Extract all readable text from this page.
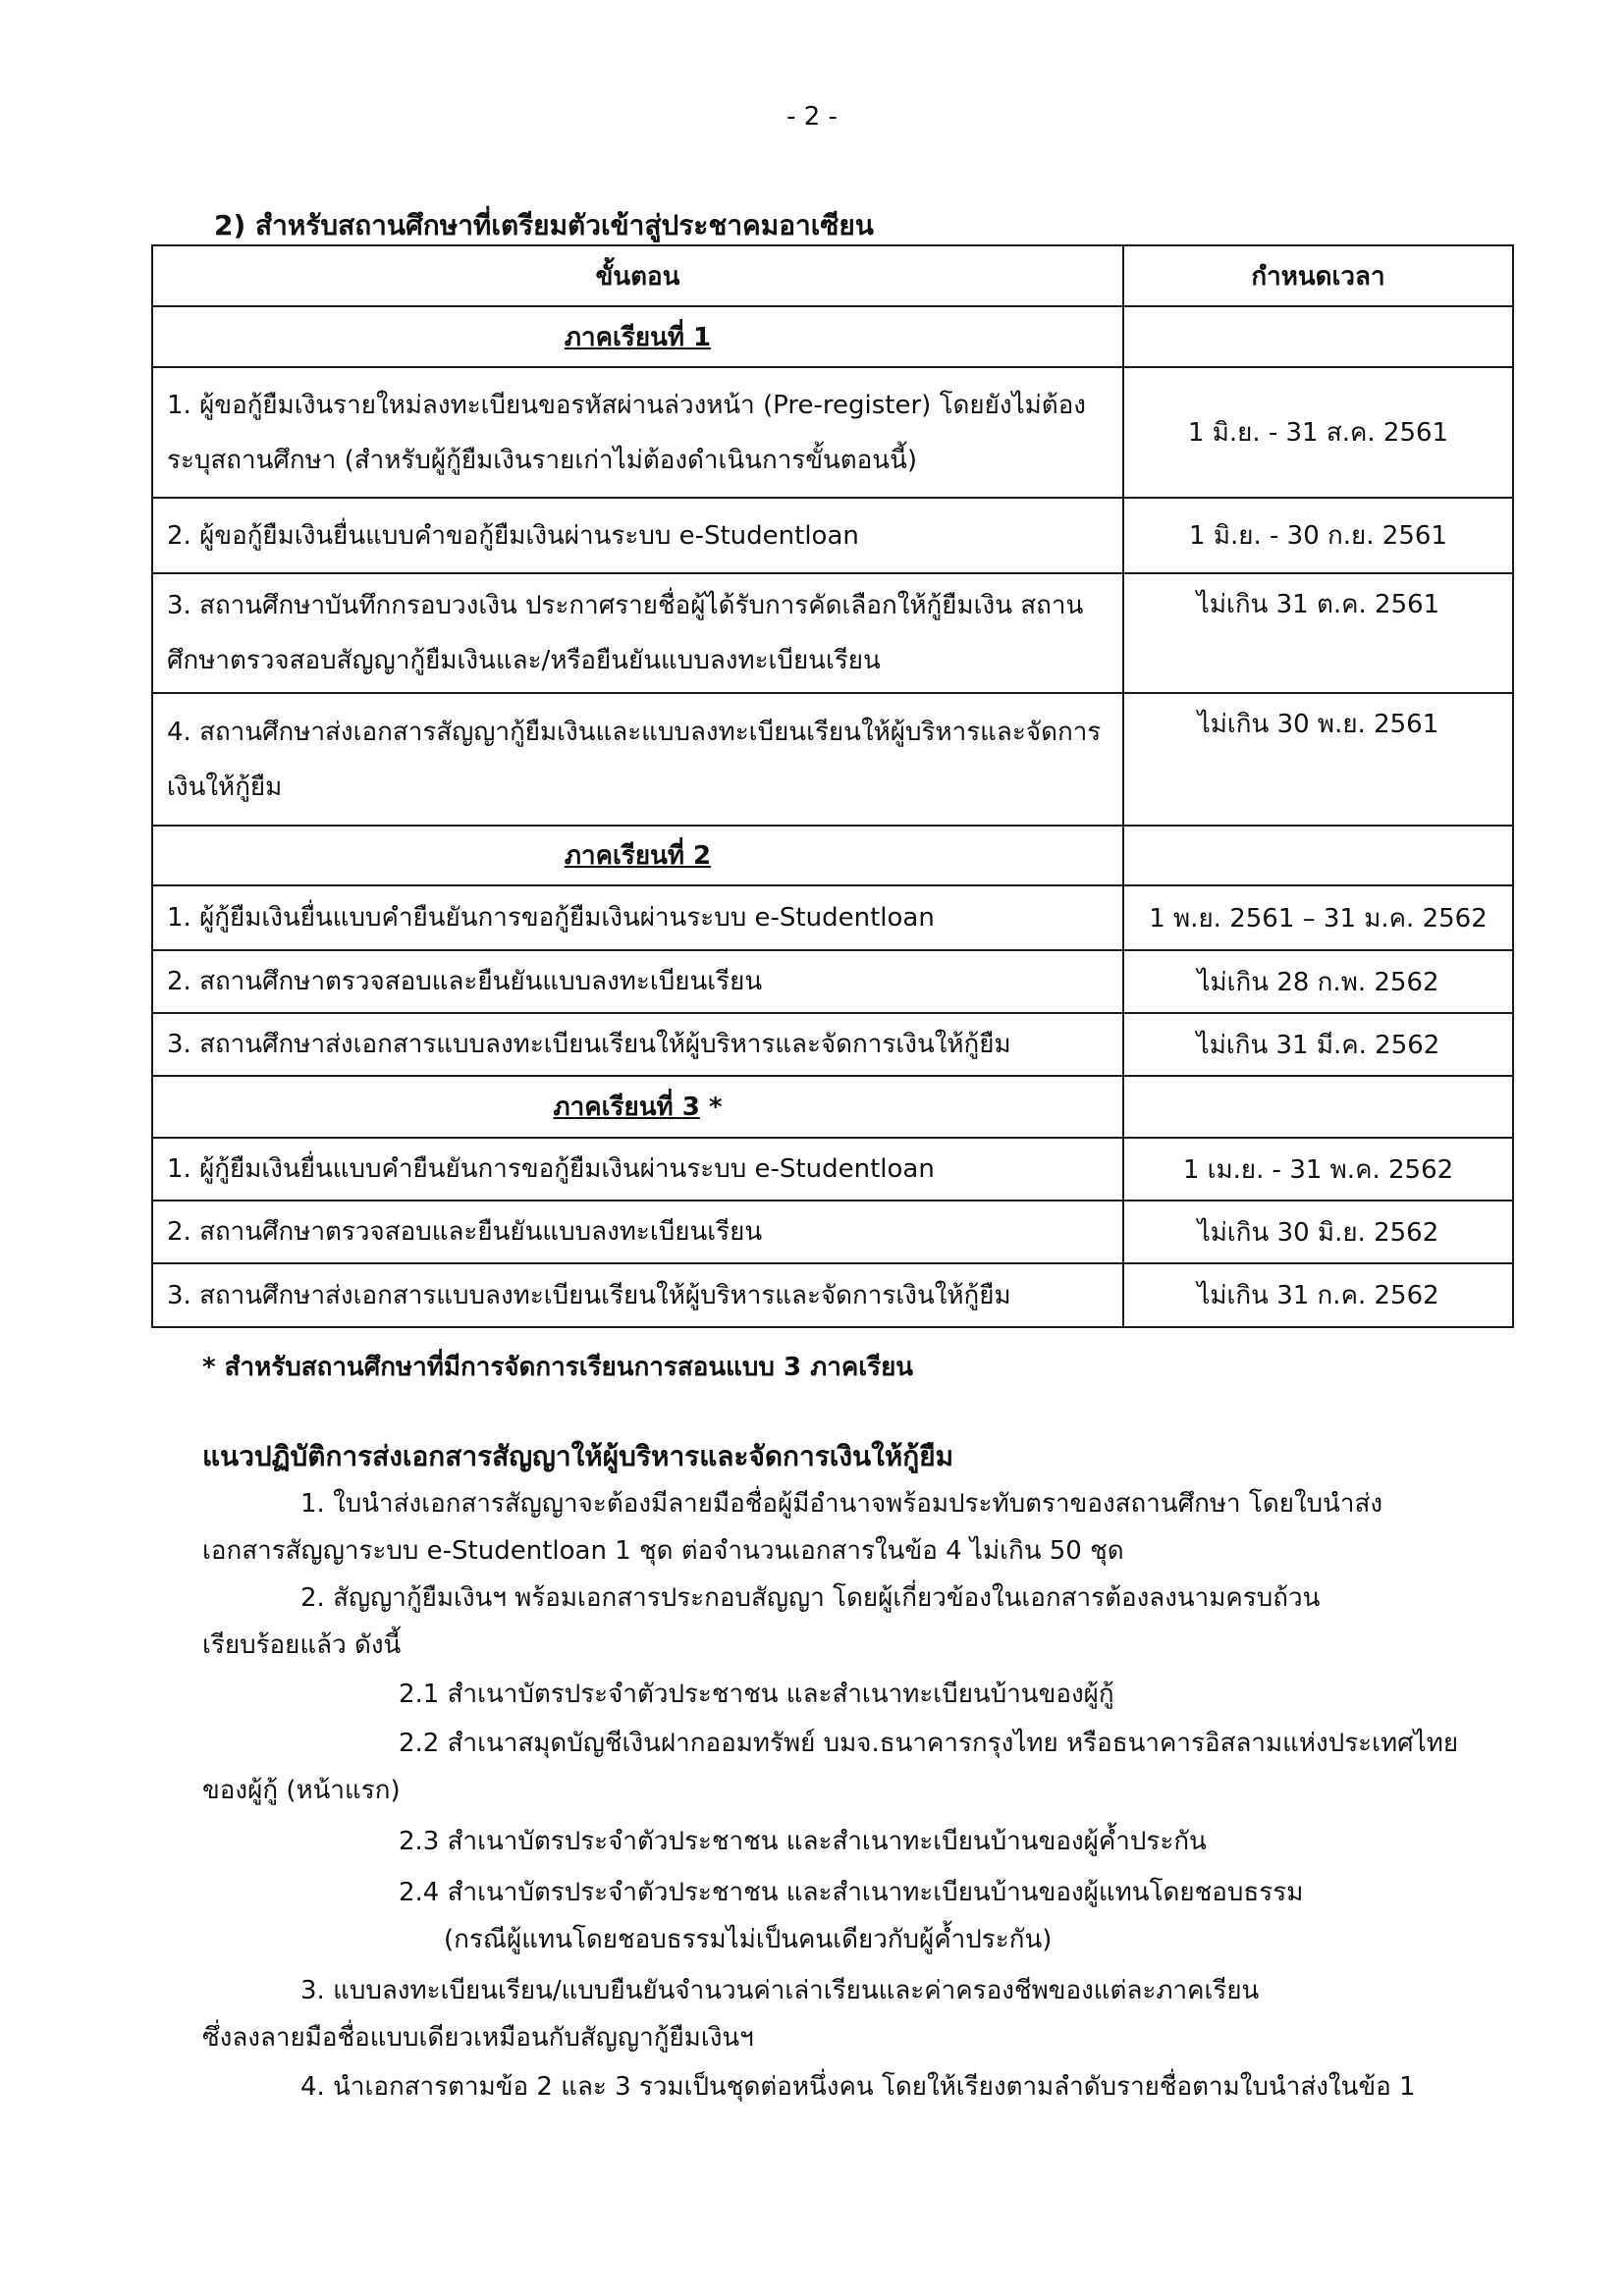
- 2 -
2) สำหรับสถานศึกษาที่เตรียมตัวเข้าสู่ประชาคมอาเซียน
ขั้นตอน	กำหนดเวลา
ภาคเรียนที่ 1	
1. ผู้ขอกู้ยืมเงินรายใหม่ลงทะเบียนขอรหัสผ่านล่วงหน้า (Pre-register) โดยยังไม่ต้องระบุสถานศึกษา (สำหรับผู้กู้ยืมเงินรายเก่าไม่ต้องดำเนินการขั้นตอนนี้)	1 มิ.ย. - 31 ส.ค. 2561
2. ผู้ขอกู้ยืมเงินยื่นแบบคำขอกู้ยืมเงินผ่านระบบ e-Studentloan	1 มิ.ย. - 30 ก.ย. 2561
3. สถานศึกษาบันทึกกรอบวงเงิน ประกาศรายชื่อผู้ได้รับการคัดเลือกให้กู้ยืมเงิน สถานศึกษาตรวจสอบสัญญากู้ยืมเงินและ/หรือยืนยันแบบลงทะเบียนเรียน	ไม่เกิน 31 ต.ค. 2561
4. สถานศึกษาส่งเอกสารสัญญากู้ยืมเงินและแบบลงทะเบียนเรียนให้ผู้บริหารและจัดการเงินให้กู้ยืม	ไม่เกิน 30 พ.ย. 2561
ภาคเรียนที่ 2	
1. ผู้กู้ยืมเงินยื่นแบบคำยืนยันการขอกู้ยืมเงินผ่านระบบ e-Studentloan	1 พ.ย. 2561 – 31 ม.ค. 2562
2. สถานศึกษาตรวจสอบและยืนยันแบบลงทะเบียนเรียน	ไม่เกิน 28 ก.พ. 2562
3. สถานศึกษาส่งเอกสารแบบลงทะเบียนเรียนให้ผู้บริหารและจัดการเงินให้กู้ยืม	ไม่เกิน 31 มี.ค. 2562
ภาคเรียนที่ 3 *	
1. ผู้กู้ยืมเงินยื่นแบบคำยืนยันการขอกู้ยืมเงินผ่านระบบ e-Studentloan	1 เม.ย. - 31 พ.ค. 2562
2. สถานศึกษาตรวจสอบและยืนยันแบบลงทะเบียนเรียน	ไม่เกิน 30 มิ.ย. 2562
3. สถานศึกษาส่งเอกสารแบบลงทะเบียนเรียนให้ผู้บริหารและจัดการเงินให้กู้ยืม	ไม่เกิน 31 ก.ค. 2562
* สำหรับสถานศึกษาที่มีการจัดการเรียนการสอนแบบ 3 ภาคเรียน
แนวปฏิบัติการส่งเอกสารสัญญาให้ผู้บริหารและจัดการเงินให้กู้ยืม
1. ใบนำส่งเอกสารสัญญาจะต้องมีลายมือชื่อผู้มีอำนาจพร้อมประทับตราของสถานศึกษา โดยใบนำส่ง
เอกสารสัญญาระบบ e-Studentloan 1 ชุด ต่อจำนวนเอกสารในข้อ 4 ไม่เกิน 50 ชุด
2. สัญญากู้ยืมเงินฯ พร้อมเอกสารประกอบสัญญา โดยผู้เกี่ยวข้องในเอกสารต้องลงนามครบถ้วน
เรียบร้อยแล้ว ดังนี้
2.1 สำเนาบัตรประจำตัวประชาชน และสำเนาทะเบียนบ้านของผู้กู้
2.2 สำเนาสมุดบัญชีเงินฝากออมทรัพย์ บมจ.ธนาคารกรุงไทย หรือธนาคารอิสลามแห่งประเทศไทย
ของผู้กู้ (หน้าแรก)
2.3 สำเนาบัตรประจำตัวประชาชน และสำเนาทะเบียนบ้านของผู้ค้ำประกัน
2.4 สำเนาบัตรประจำตัวประชาชน และสำเนาทะเบียนบ้านของผู้แทนโดยชอบธรรม
(กรณีผู้แทนโดยชอบธรรมไม่เป็นคนเดียวกับผู้ค้ำประกัน)
3. แบบลงทะเบียนเรียน/แบบยืนยันจำนวนค่าเล่าเรียนและค่าครองชีพของแต่ละภาคเรียน
ซึ่งลงลายมือชื่อแบบเดียวเหมือนกับสัญญากู้ยืมเงินฯ
4. นำเอกสารตามข้อ 2 และ 3 รวมเป็นชุดต่อหนึ่งคน โดยให้เรียงตามลำดับรายชื่อตามใบนำส่งในข้อ 1
